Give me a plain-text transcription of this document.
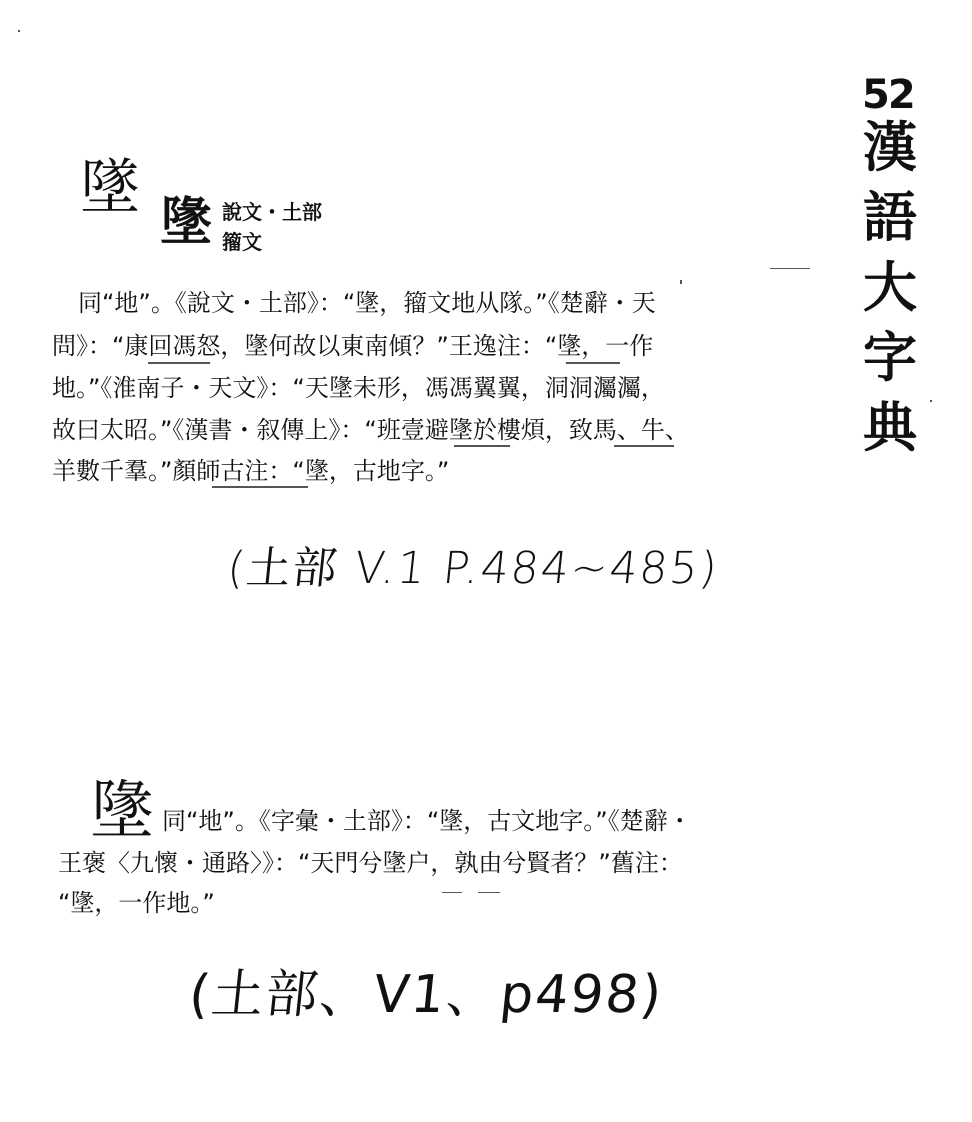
52
漢
語
大
字
典
墜 墬 說文・土部
籀文
同“地”。《說文・土部》：“墬，籀文地从隊。”《楚辭・天
問》：“康回馮怒，墬何故以東南傾？”王逸注：“墬，一作
地。”《淮南子・天文》：“天墬未形，馮馮翼翼，洞洞灟灟，
故曰太昭。”《漢書・叙傳上》：“班壹避墬於樓煩，致馬、牛、
羊數千羣。”顏師古注：“墬，古地字。”
(土部 V.1 P.484~485)
墬 同“地”。《字彙・土部》：“墬，古文地字。”《楚辭・
王褒〈九懷・通路〉》：“天門兮墬户，孰由兮賢者？”舊注：
“墬，一作地。”
(土部、V1、p498)
